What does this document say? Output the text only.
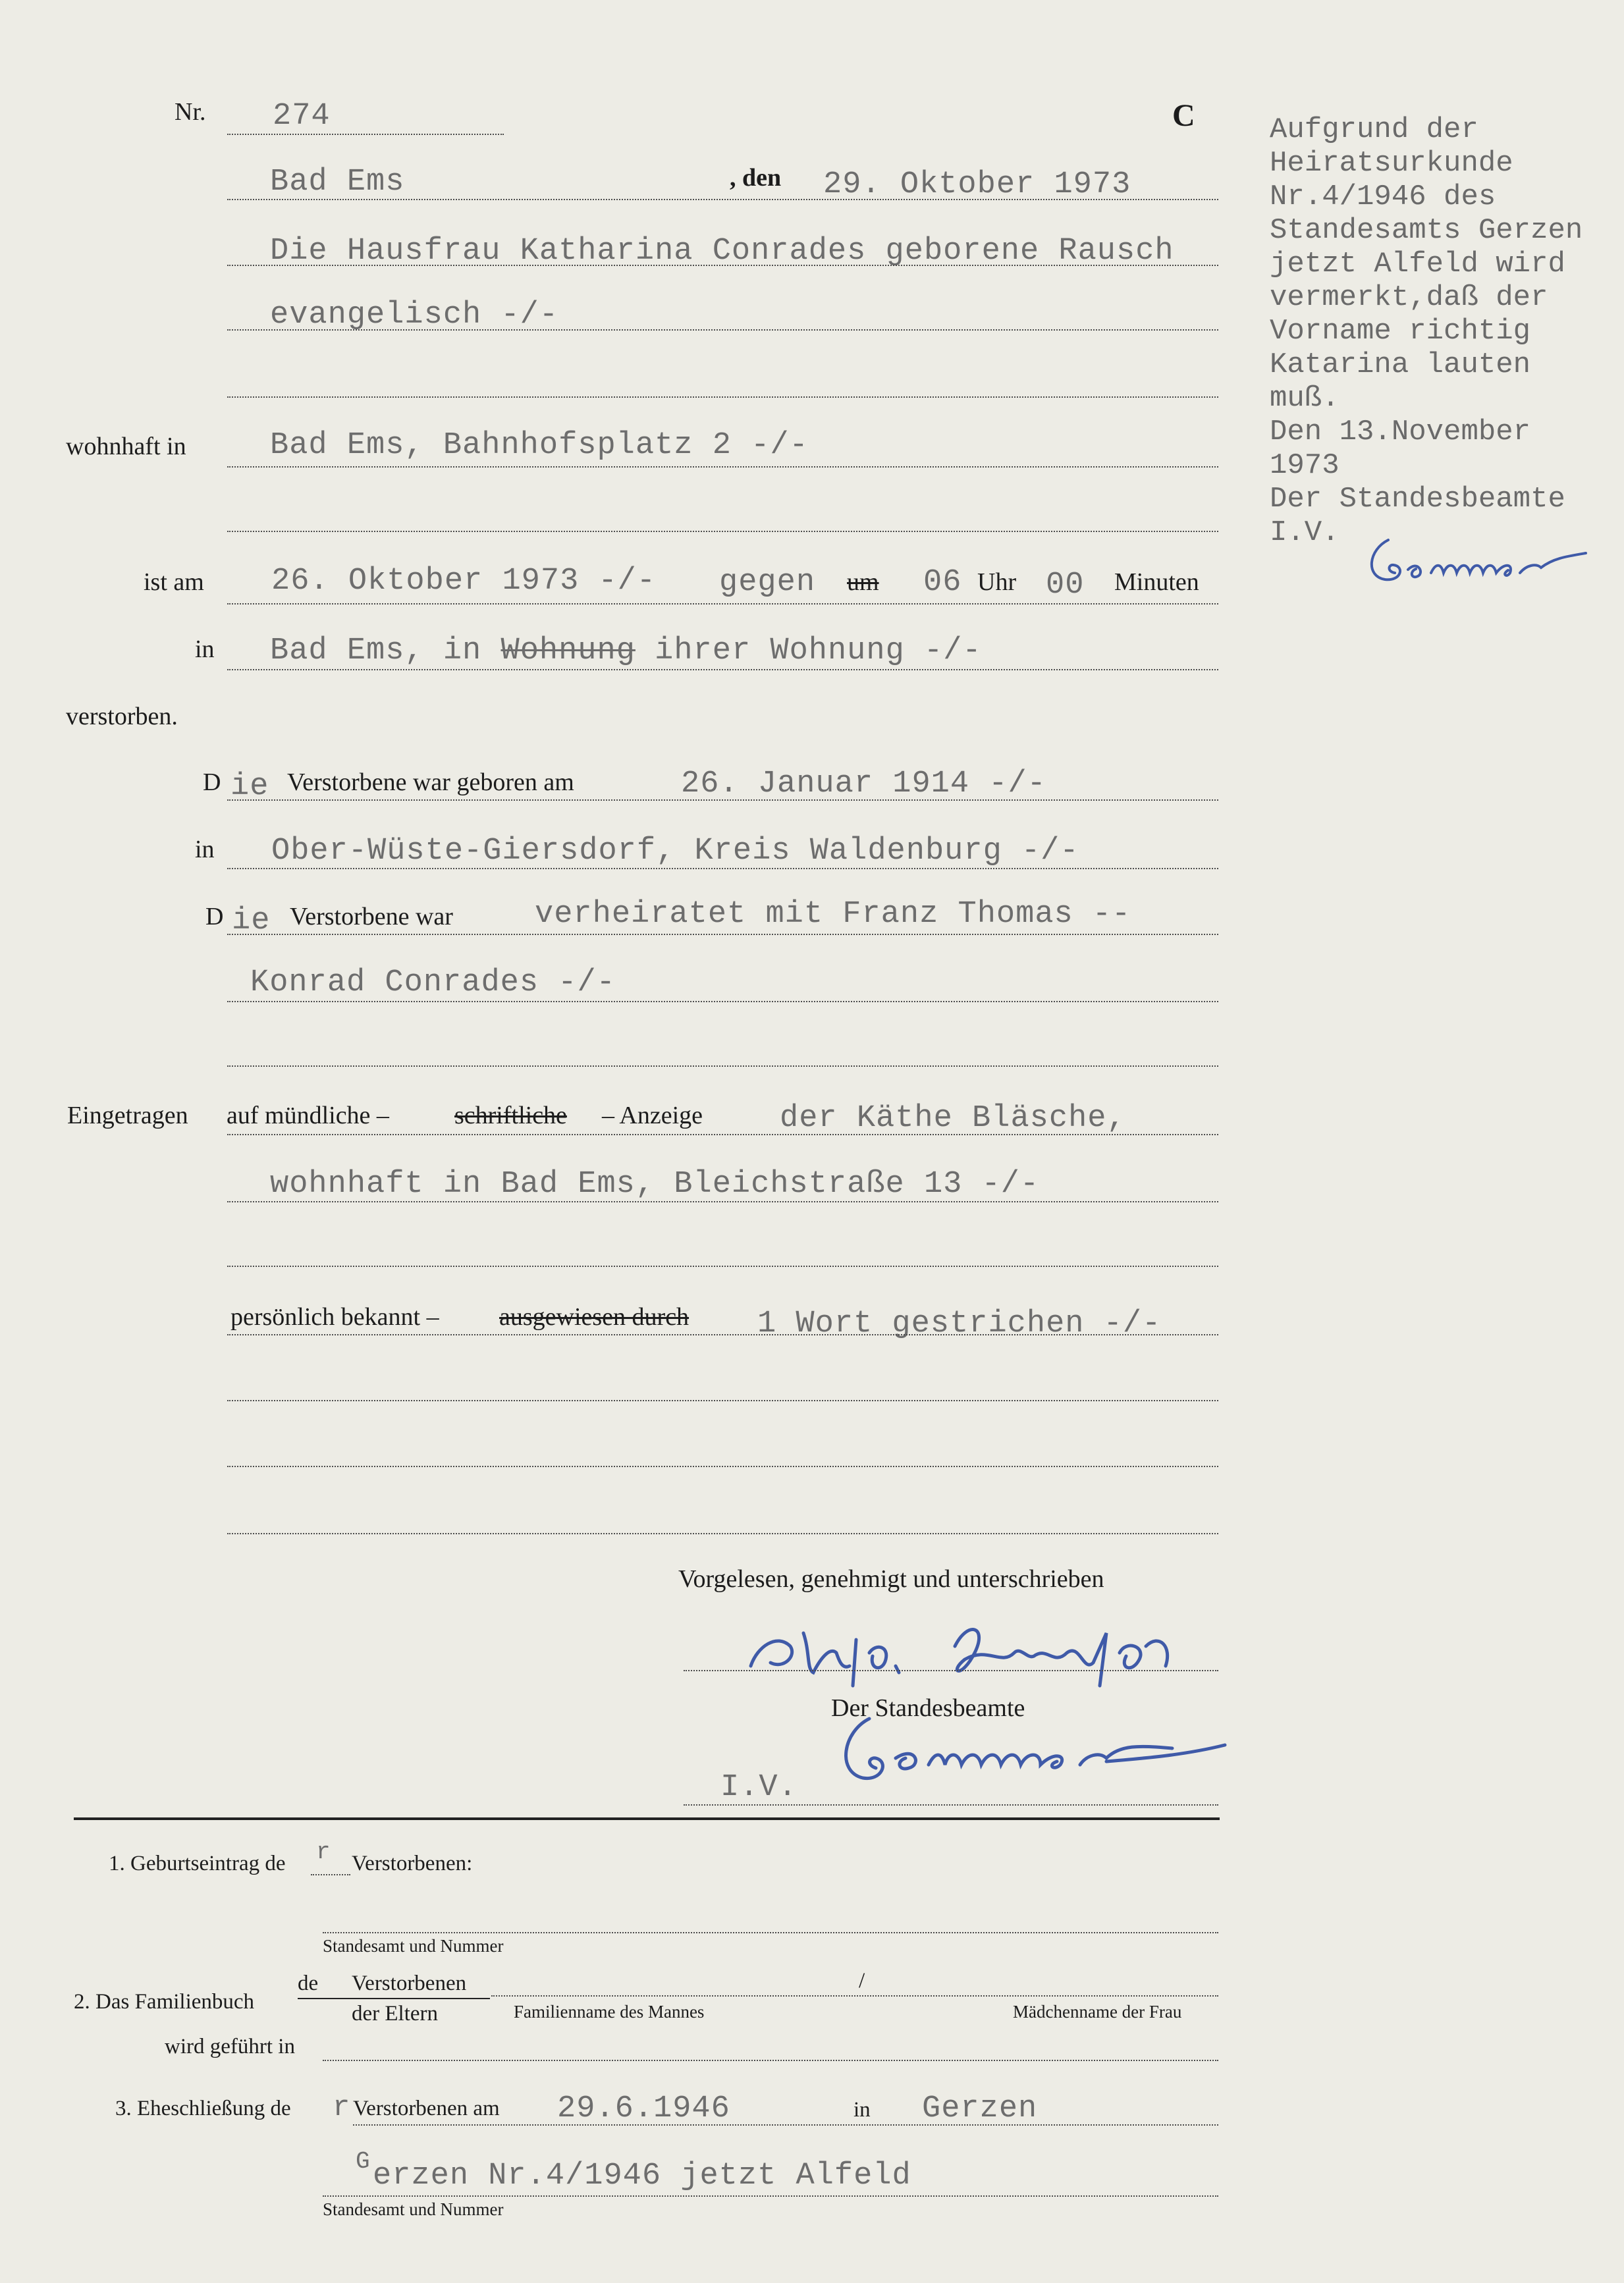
Nr. 274	C
Bad Ems	, den 29. Oktober 1973
Die Hausfrau Katharina Conrades geborene Rausch
evangelisch -/-
wohnhaft in	Bad Ems, Bahnhofsplatz 2 -/-
ist am 26. Oktober 1973 -/- gegen um 06 Uhr 00 Minuten
in Bad Ems, in Wohnung ihrer Wohnung -/-
verstorben.
D ie Verstorbene war geboren am	26. Januar 1914 -/-
in Ober-Wüste-Giersdorf, Kreis Waldenburg -/-
D ie Verstorbene war	verheiratet mit Franz Thomas --
Konrad Conrades -/-
Eingetragen auf mündliche –	schriftliche – Anzeige der Käthe Bläsche,
wohnhaft in Bad Ems, Bleichstraße 13 -/-
persönlich bekannt – ausgewiesen durch 1 Wort gestrichen -/-
Vorgelesen, genehmigt und unterschrieben
Der Standesbeamte
I.V.
1. Geburtseintrag de r Verstorbenen:
Standesamt und Nummer
2. Das Familienbuch
de Verstorbenen
der Eltern
/
Familienname des Mannes	Mädchenname der Frau
wird geführt in
3. Eheschließung de r Verstorbenen am 29.6.1946	in Gerzen
G erzen Nr.4/1946 jetzt Alfeld
Standesamt und Nummer
Aufgrund der
Heiratsurkunde
Nr.4/1946 des
Standesamts Gerzen
jetzt Alfeld wird
vermerkt,daß der
Vorname richtig
Katarina lauten
muß.
Den 13.November
1973
Der Standesbeamte
I.V.
